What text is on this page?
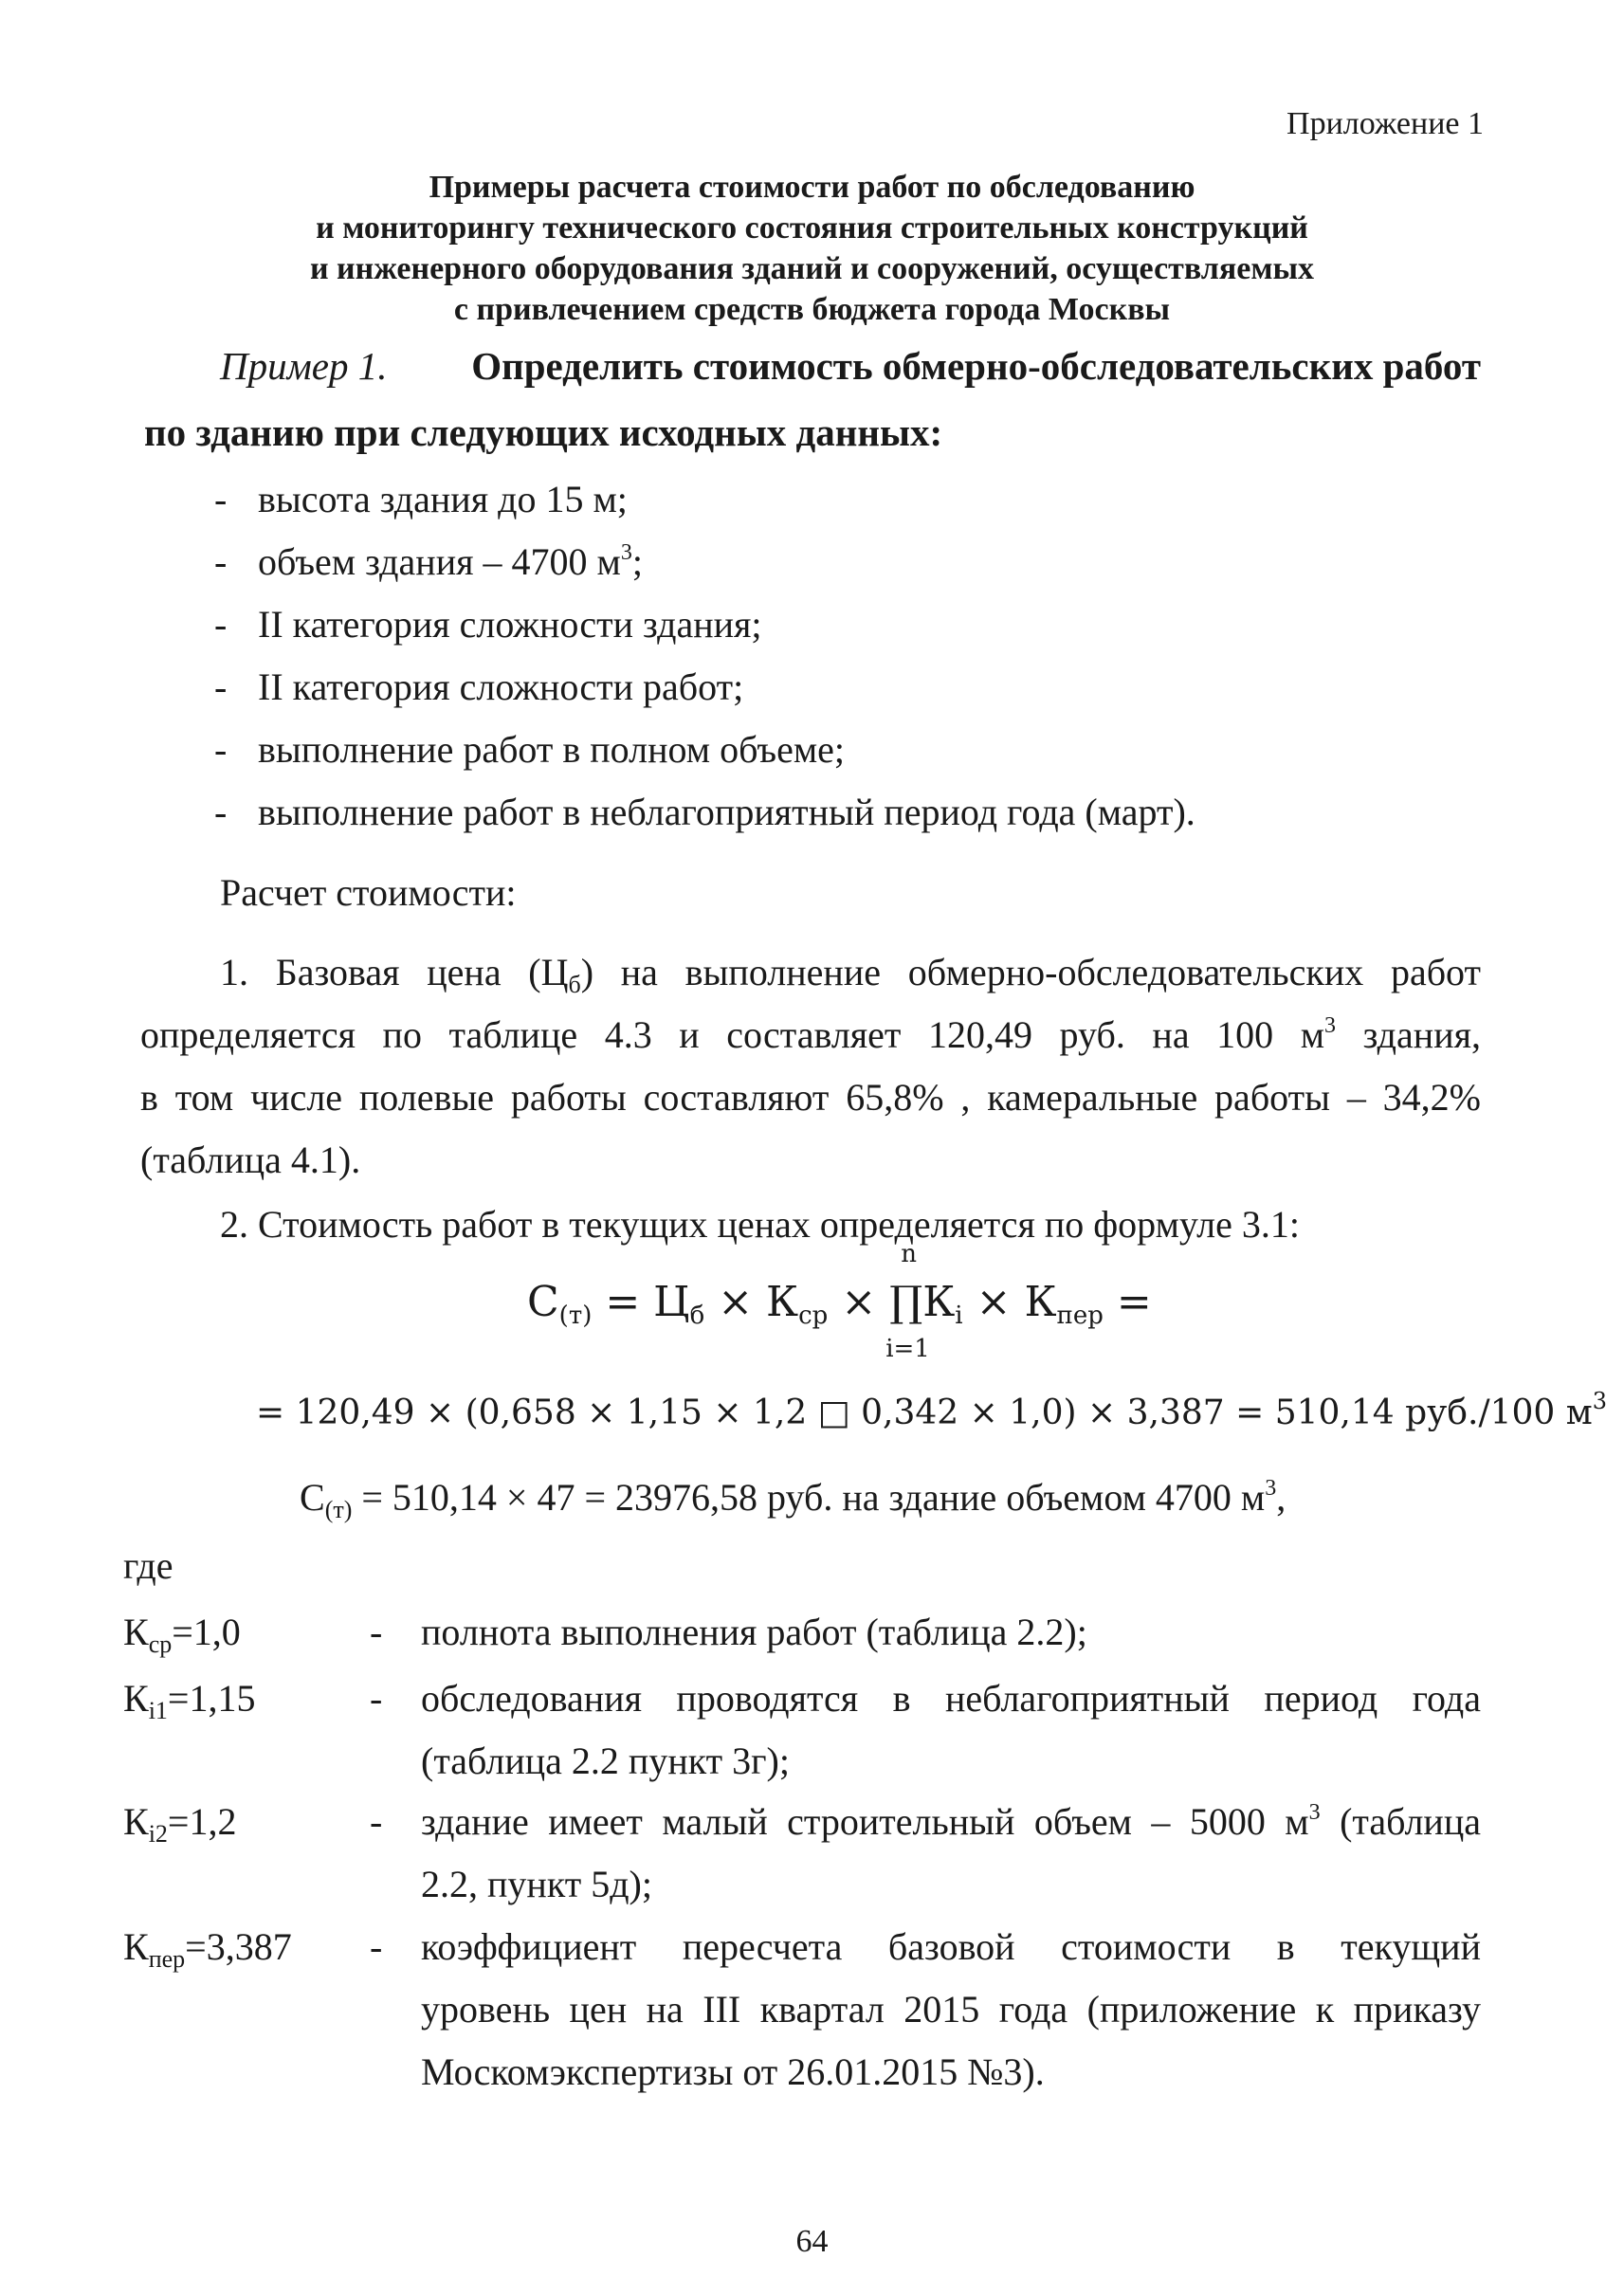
Приложение 1
Примеры расчета стоимости работ по обследованию
и мониторингу технического состояния строительных конструкций
и инженерного оборудования зданий и сооружений, осуществляемых
с привлечением средств бюджета города Москвы
Пример 1. Определить стоимость обмерно-обследовательских работ
по зданию при следующих исходных данных:
- высота здания до 15 м;
- объем здания – 4700 $м^3$;
- II категория сложности здания;
- II категория сложности работ;
- выполнение работ в полном объеме;
- выполнение работ в неблагоприятный период года (март).
Расчет стоимости:
1. Базовая цена $(Ц_б)$ на выполнение обмерно-обследовательских работ
определяется по таблице 4.3 и составляет 120,49 руб. на 100 $м^3$ здания,
в том числе полевые работы составляют 65,8% , камеральные работы – 34,2%
(таблица 4.1).
2. Стоимость работ в текущих ценах определяется по формуле 3.1:
$С_{(т)} = Ц_б \times К_{ср}$ ×
n
∏
i=1
$К_i \times К_{пер}$ =
= 120,49 × (0,658 × 1,15 × 1,2 □ 0,342 × 1,0) × 3,387 = 510,14 руб./100 $м^3$
$С_{(т)} = 510,14 \times 47 = 23976,58$ руб. на здание объемом 4700 $м^3$,
где
$К_{ср}=1,0$	- полнота выполнения работ (таблица 2.2);
$К_{i1}=1,15$	- обследования проводятся в неблагоприятный период года
(таблица 2.2 пункт 3г);
$К_{i2}=1,2$	- здание имеет малый строительный объем – 5000 $м^3$ (таблица
2.2, пункт 5д);
$К_{пер}=3,387$ - коэффициент пересчета базовой стоимости в текущий
уровень цен на III квартал 2015 года (приложение к приказу
Москомэкспертизы от 26.01.2015 №3).
64
